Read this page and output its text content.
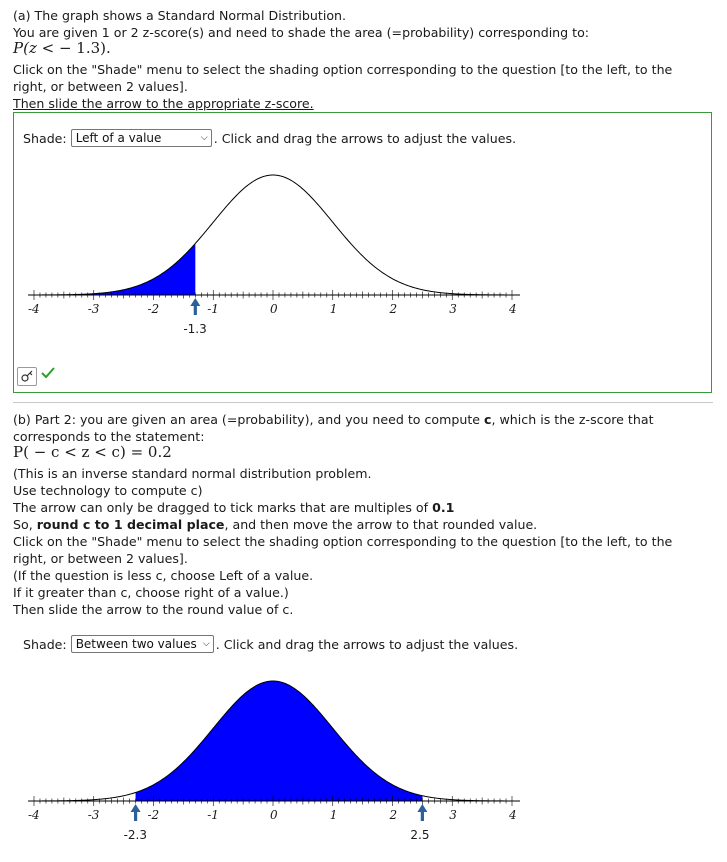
(a) The graph shows a Standard Normal Distribution.
You are given 1 or 2 z-score(s) and need to shade the area (=probability) corresponding to:
P(z < − 1.3).
Click on the "Shade" menu to select the shading option corresponding to the question [to the left, to the
right, or between 2 values].
Then slide the arrow to the appropriate z-score.
Shade: Left of a value	⌵ . Click and drag the arrows to adjust the values.
-4	-3	-2	-1	0	1	2	3	4
-1.3
(b) Part 2: you are given an area (=probability), and you need to compute c, which is the z-score that
corresponds to the statement:
P( − c < z < c) = 0.2
(This is an inverse standard normal distribution problem.
Use technology to compute c)
The arrow can only be dragged to tick marks that are multiples of 0.1
So, round c to 1 decimal place, and then move the arrow to that rounded value.
Click on the "Shade" menu to select the shading option corresponding to the question [to the left, to the
right, or between 2 values].
(If the question is less c, choose Left of a value.
If it greater than c, choose right of a value.)
Then slide the arrow to the round value of c.
Shade: Between two values ⌵ . Click and drag the arrows to adjust the values.
-4	-3	-2	-1	0	1	2	3	4
-2.3	2.5
